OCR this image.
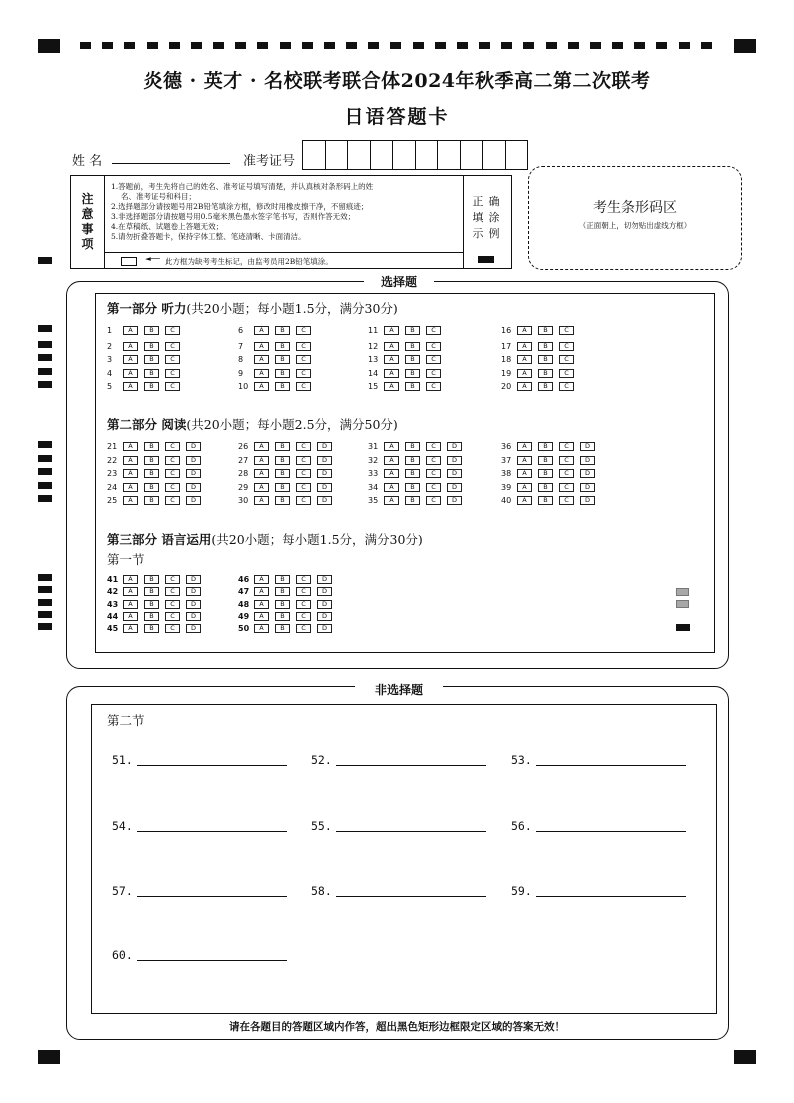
炎德 · 英才 · 名校联考联合体2024年秋季高二第二次联考
日语答题卡
姓 名	准考证号
注
意
事
项
1.答题前，考生先将自己的姓名、准考证号填写清楚，并认真核对条形码上的姓
名、准考证号和科目；
2.选择题部分请按题号用2B铅笔填涂方框，修改时用橡皮擦干净，不留痕迹；
3.非选择题部分请按题号用0.5毫米黑色墨水签字笔书写，否则作答无效；
4.在草稿纸、试题卷上答题无效；
5.请勿折叠答题卡，保持字体工整、笔迹清晰、卡面清洁。
◄── 此方框为缺考考生标记，由监考员用2B铅笔填涂。
正
填
示
确
涂
例
考生条形码区
（正面朝上，切勿贴出虚线方框）
选择题
第一部分 听力(共20小题；每小题1.5分，满分30分)
第二部分 阅读(共20小题；每小题2.5分，满分50分)
第三部分 语言运用(共20小题；每小题1.5分，满分30分)
第一节
1	A	B	C
2	A	B	C
3	A	B	C
4	A	B	C
5	A	B	C
6	A	B	C
7	A	B	C
8	A	B	C
9	A	B	C
10	A	B	C
11	A	B	C
12	A	B	C
13	A	B	C
14	A	B	C
15	A	B	C
16	A	B	C
17	A	B	C
18	A	B	C
19	A	B	C
20	A	B	C
21	A	B	C	D
22	A	B	C	D
23	A	B	C	D
24	A	B	C	D
25	A	B	C	D
26	A	B	C	D
27	A	B	C	D
28	A	B	C	D
29	A	B	C	D
30	A	B	C	D
31	A	B	C	D
32	A	B	C	D
33	A	B	C	D
34	A	B	C	D
35	A	B	C	D
36	A	B	C	D
37	A	B	C	D
38	A	B	C	D
39	A	B	C	D
40	A	B	C	D
41	A	B	C	D
42	A	B	C	D
43	A	B	C	D
44	A	B	C	D
45	A	B	C	D
46	A	B	C	D
47	A	B	C	D
48	A	B	C	D
49	A	B	C	D
50	A	B	C	D
非选择题
第二节
51.	52.	53.
54.	55.	56.
57.	58.	59.
60.
请在各题目的答题区域内作答，超出黑色矩形边框限定区域的答案无效！
